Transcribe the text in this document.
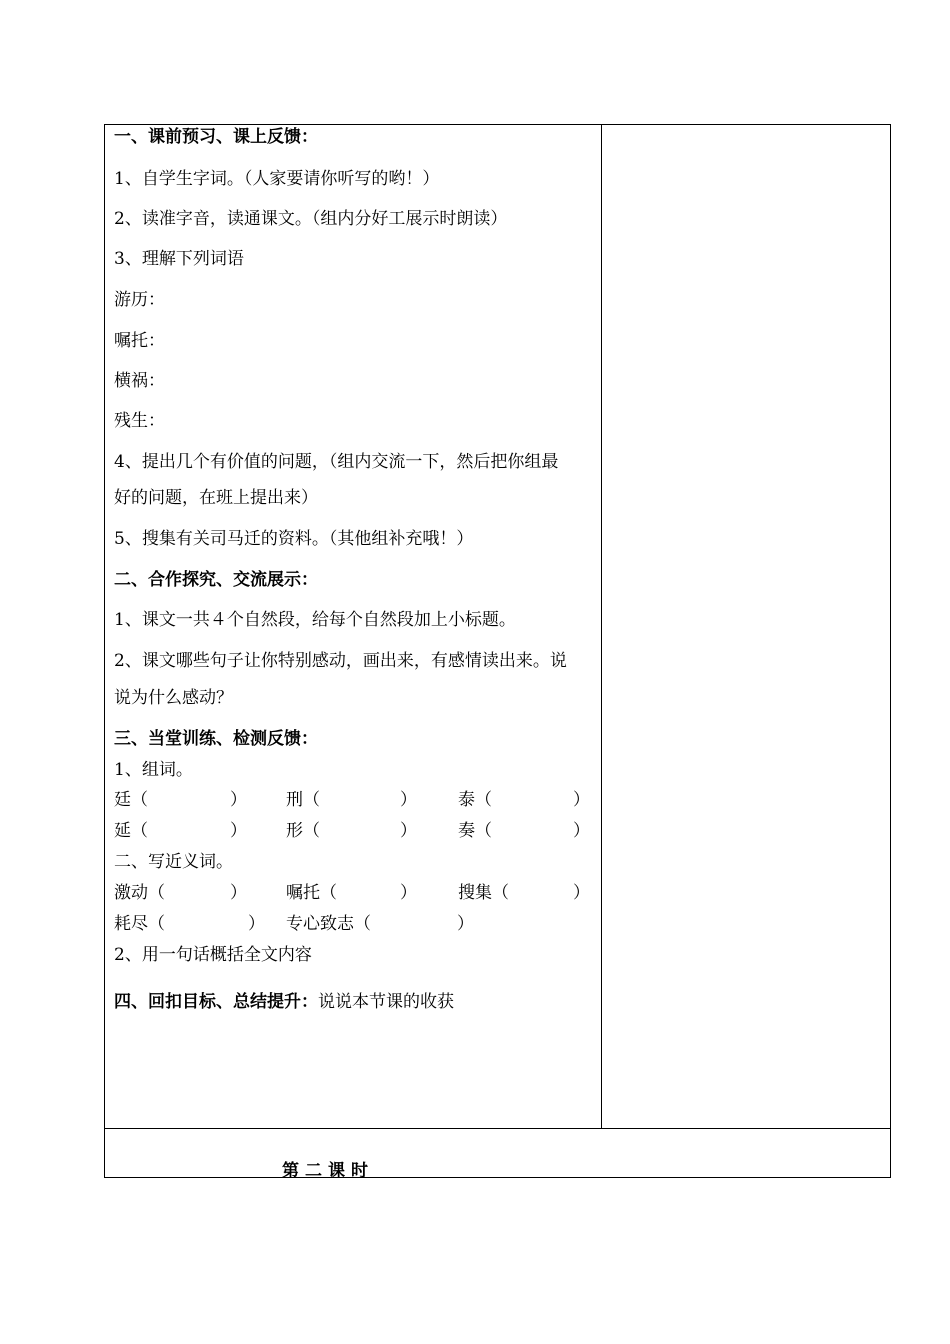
一、课前预习、课上反馈：
1、自学生字词。（人家要请你听写的哟！）
2、读准字音，读通课文。（组内分好工展示时朗读）
3、理解下列词语
游历：
嘱托：
横祸：
残生：
4、提出几个有价值的问题，（组内交流一下，然后把你组最
好的问题，在班上提出来）
5、搜集有关司马迁的资料。（其他组补充哦！）
二、合作探究、交流展示：
1、课文一共４个自然段，给每个自然段加上小标题。
2、课文哪些句子让你特别感动，画出来，有感情读出来。说
说为什么感动？
三、当堂训练、检测反馈：
1、组词。
廷（	） 刑（	） 泰（	）
延（	） 形（	） 奏（	）
二、写近义词。
激动（	） 嘱托（	） 搜集（	）
耗尽（	） 专心致志（	）
2、用一句话概括全文内容
四、回扣目标、总结提升：说说本节课的收获
第二课时
